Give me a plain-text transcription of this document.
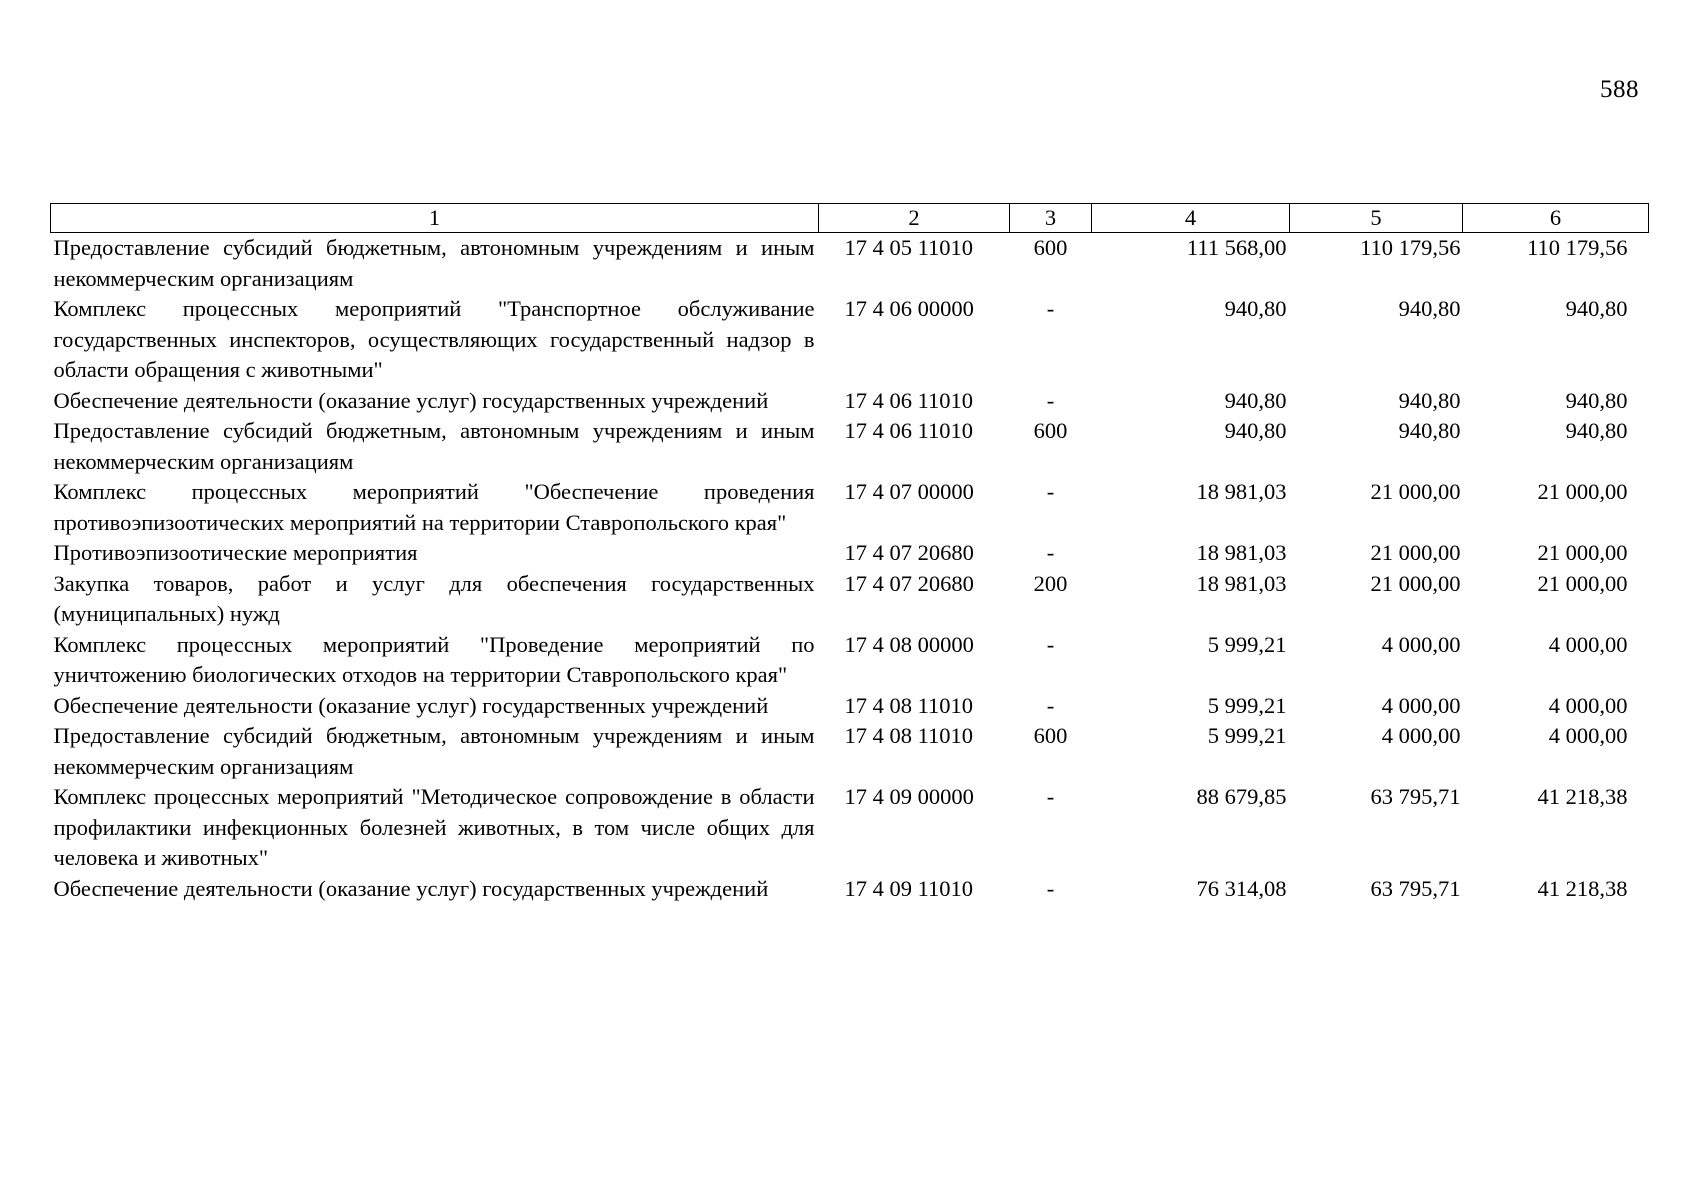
588
1	2	3	4	5	6
Предоставление субсидий бюджетным, автономным учреждениям и иным некоммерческим организациям	17 4 05 11010	600	111 568,00	110 179,56	110 179,56
Комплекс процессных мероприятий "Транспортное обслуживание государственных инспекторов, осуществляющих государственный надзор в области обращения с животными"	17 4 06 00000	-	940,80	940,80	940,80
Обеспечение деятельности (оказание услуг) государственных учреждений	17 4 06 11010	-	940,80	940,80	940,80
Предоставление субсидий бюджетным, автономным учреждениям и иным некоммерческим организациям	17 4 06 11010	600	940,80	940,80	940,80
Комплекс процессных мероприятий "Обеспечение проведения противоэпизоотических мероприятий на территории Ставропольского края"	17 4 07 00000	-	18 981,03	21 000,00	21 000,00
Противоэпизоотические мероприятия	17 4 07 20680	-	18 981,03	21 000,00	21 000,00
Закупка товаров, работ и услуг для обеспечения государственных (муниципальных) нужд	17 4 07 20680	200	18 981,03	21 000,00	21 000,00
Комплекс процессных мероприятий "Проведение мероприятий по уничтожению биологических отходов на территории Ставропольского края"	17 4 08 00000	-	5 999,21	4 000,00	4 000,00
Обеспечение деятельности (оказание услуг) государственных учреждений	17 4 08 11010	-	5 999,21	4 000,00	4 000,00
Предоставление субсидий бюджетным, автономным учреждениям и иным некоммерческим организациям	17 4 08 11010	600	5 999,21	4 000,00	4 000,00
Комплекс процессных мероприятий "Методическое сопровождение в области профилактики инфекционных болезней животных, в том числе общих для человека и животных"	17 4 09 00000	-	88 679,85	63 795,71	41 218,38
Обеспечение деятельности (оказание услуг) государственных учреждений	17 4 09 11010	-	76 314,08	63 795,71	41 218,38
